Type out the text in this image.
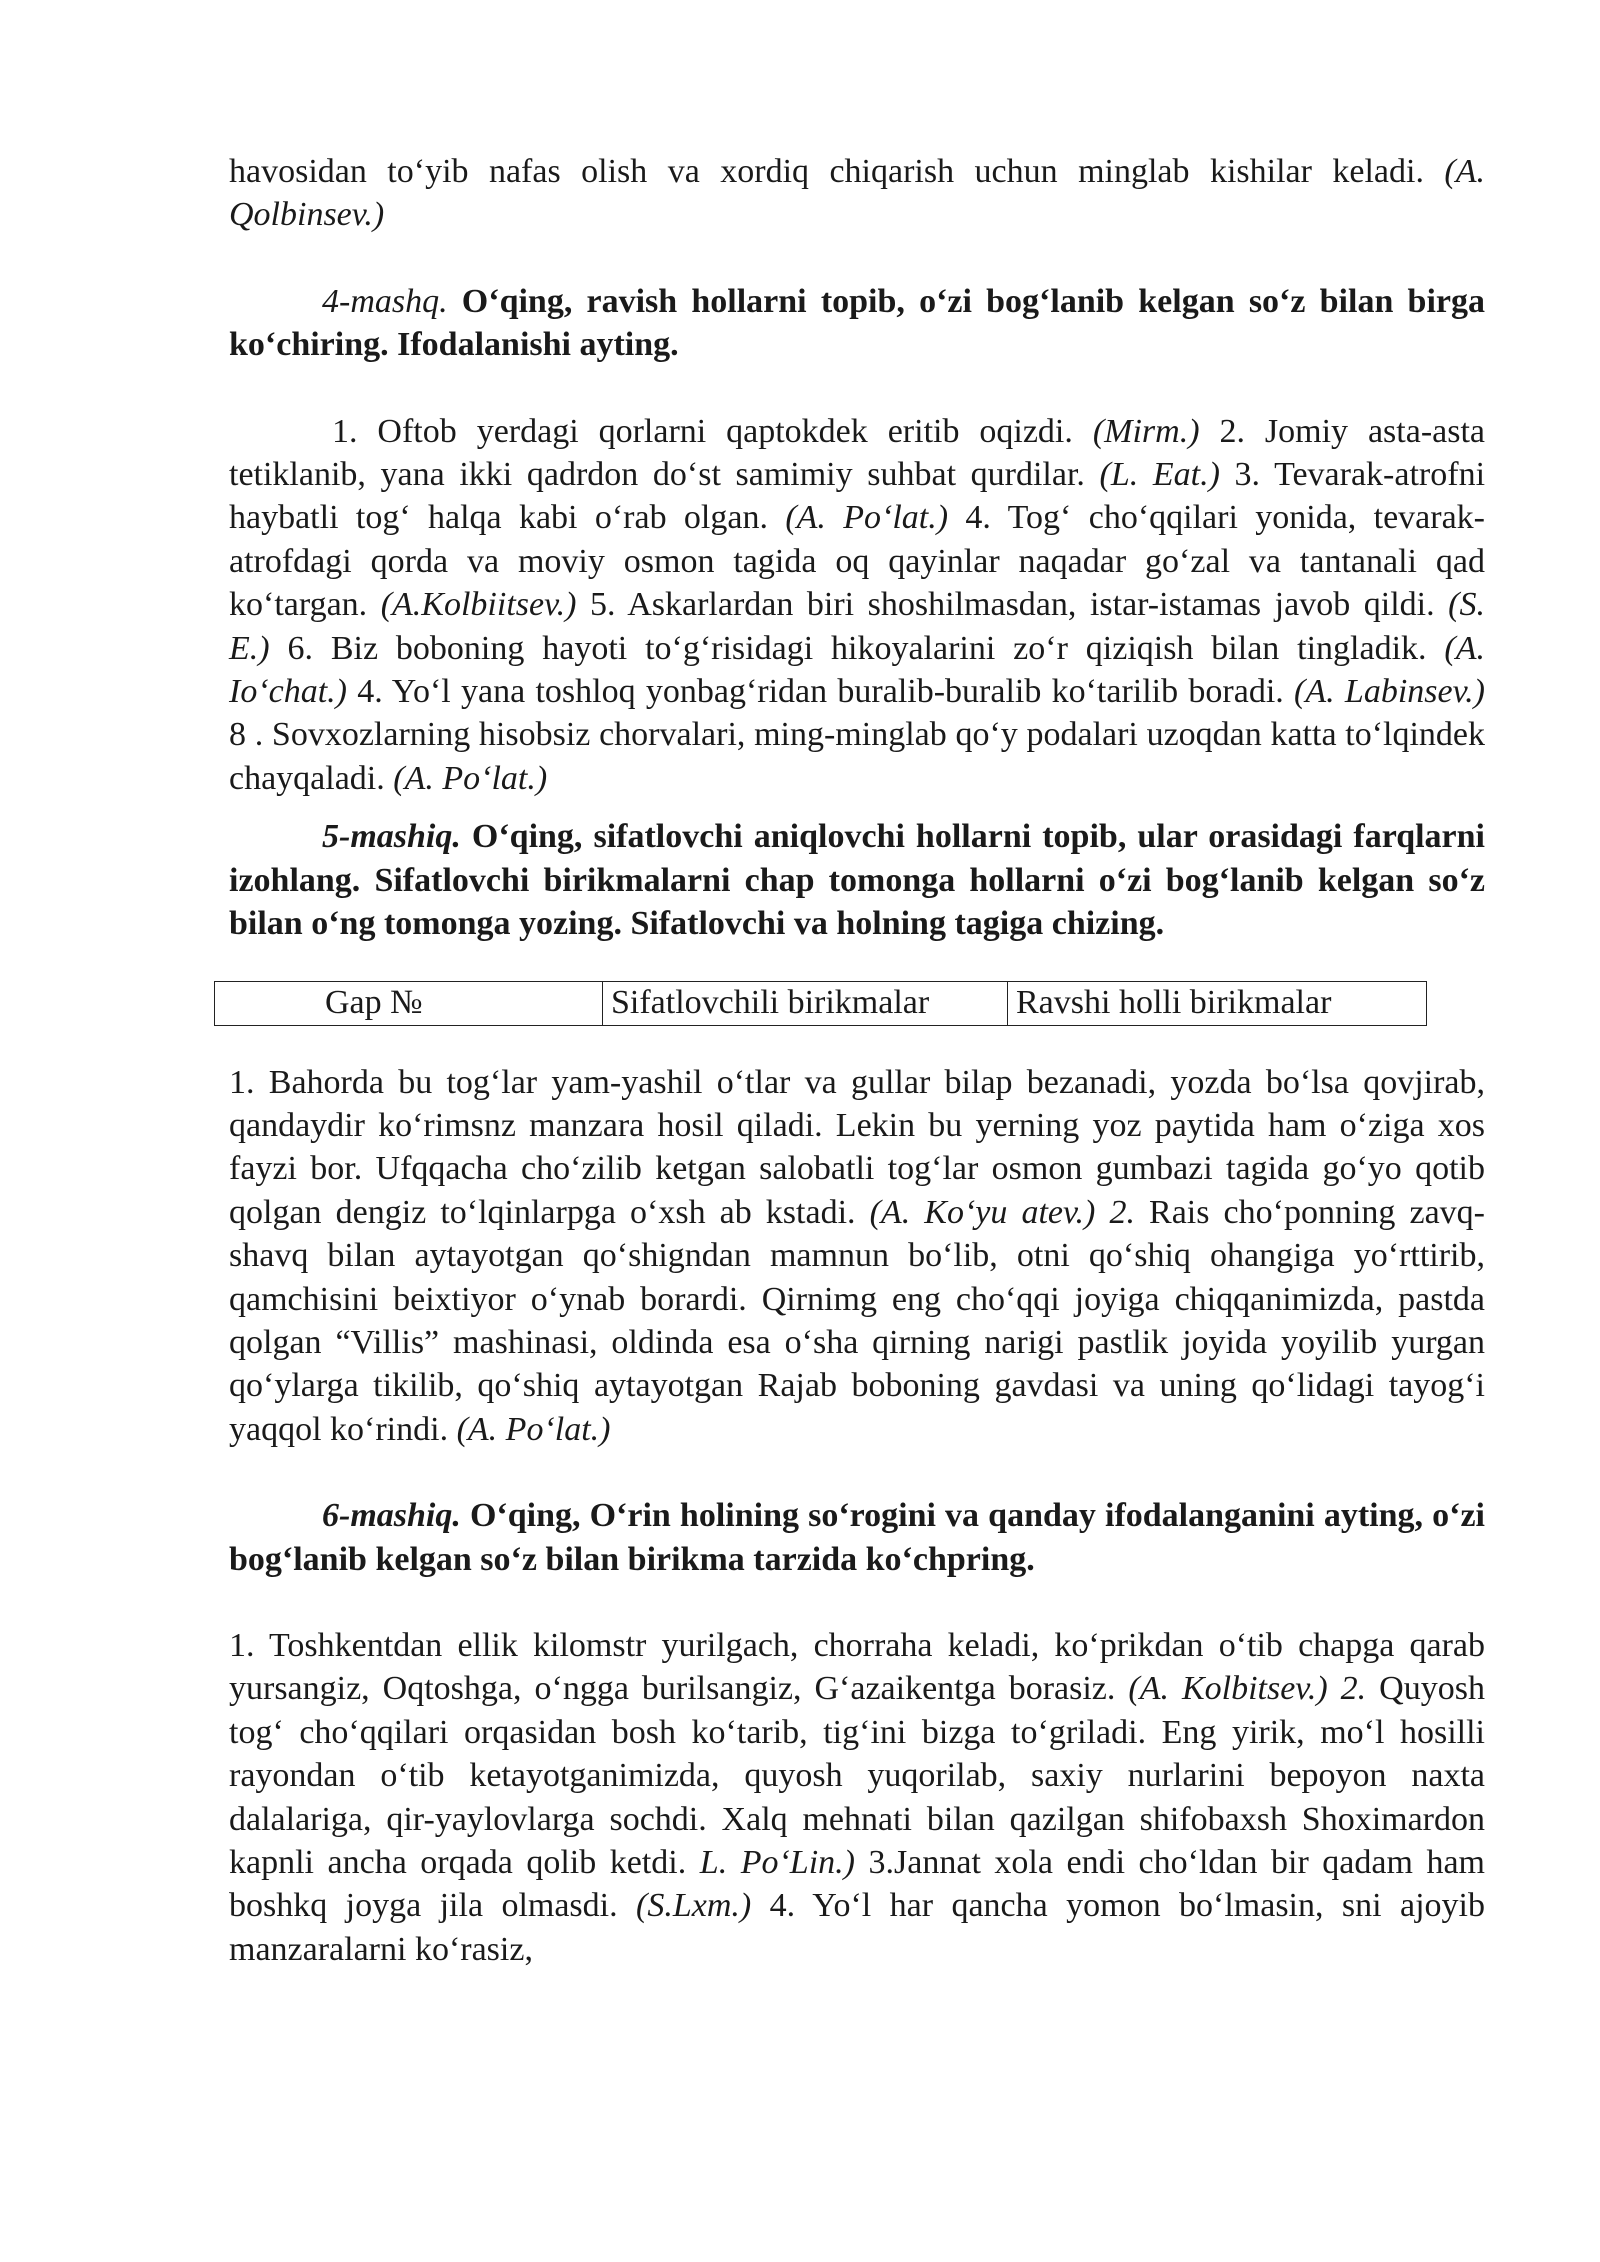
havosidan to‘yib nafas olish va xordiq chiqarish uchun minglab kishilar keladi. (A. Qolbinsev.)

4-mashq. O‘qing, ravish hollarni topib, o‘zi bog‘lanib kelgan so‘z bilan birga ko‘chiring. Ifodalanishi ayting.

1. Oftob yerdagi qorlarni qaptokdek eritib oqizdi. (Mirm.) 2. Jomiy asta-asta tetiklanib, yana ikki qadrdon do‘st samimiy suhbat qurdilar. (L. Eat.) 3. Tevarak-atrofni haybatli tog‘ halqa kabi o‘rab olgan. (A. Po‘lat.) 4. Tog‘ cho‘qqilari yonida, tevarak-atrofdagi qorda va moviy osmon tagida oq qayinlar naqadar go‘zal va tantanali qad ko‘targan. (A.Kolbiitsev.) 5. Askarlardan biri shoshilmasdan, istar-istamas javob qildi. (S. E.) 6. Biz boboning hayoti to‘g‘risidagi hikoyalarini zo‘r qiziqish bilan tingladik. (A. Io‘chat.) 4. Yo‘l yana toshloq yonbag‘ridan buralib-buralib ko‘tarilib boradi. (A. Labinsev.) 8 . Sovxozlarning hisobsiz chorvalari, ming-minglab qo‘y podalari uzoqdan katta to‘lqindek chayqaladi. (A. Po‘lat.)

5-mashiq. O‘qing, sifatlovchi aniqlovchi hollarni topib, ular orasidagi farqlarni izohlang. Sifatlovchi birikmalarni chap tomonga hollarni o‘zi bog‘lanib kelgan so‘z bilan o‘ng tomonga yozing. Sifatlovchi va holning tagiga chizing.

Gap №	Sifatlovchili birikmalar	Ravshi holli birikmalar

1. Bahorda bu tog‘lar yam-yashil o‘tlar va gullar bilap bezanadi, yozda bo‘lsa qovjirab, qandaydir ko‘rimsnz manzara hosil qiladi. Lekin bu yerning yoz paytida ham o‘ziga xos fayzi bor. Ufqqacha cho‘zilib ketgan salobatli tog‘lar osmon gumbazi tagida go‘yo qotib qolgan dengiz to‘lqinlarpga o‘xsh ab kstadi. (A. Ko‘yu atev.) 2. Rais cho‘ponning zavq-shavq bilan aytayotgan qo‘shigndan mamnun bo‘lib, otni qo‘shiq ohangiga yo‘rttirib, qamchisini beixtiyor o‘ynab borardi. Qirnimg eng cho‘qqi joyiga chiqqanimizda, pastda qolgan “Villis” mashinasi, oldinda esa o‘sha qirning narigi pastlik joyida yoyilib yurgan qo‘ylarga tikilib, qo‘shiq aytayotgan Rajab boboning gavdasi va uning qo‘lidagi tayog‘i yaqqol ko‘rindi. (A. Po‘lat.)

6-mashiq. O‘qing, O‘rin holining so‘rogini va qanday ifodalanganini ayting, o‘zi bog‘lanib kelgan so‘z bilan birikma tarzida ko‘chpring.

1. Toshkentdan ellik kilomstr yurilgach, chorraha keladi, ko‘prikdan o‘tib chapga qarab yursangiz, Oqtoshga, o‘ngga burilsangiz, G‘azaikentga borasiz. (A. Kolbitsev.) 2. Quyosh tog‘ cho‘qqilari orqasidan bosh ko‘tarib, tig‘ini bizga to‘griladi. Eng yirik, mo‘l hosilli rayondan o‘tib ketayotganimizda, quyosh yuqorilab, saxiy nurlarini bepoyon naxta dalalariga, qir-yaylovlarga sochdi. Xalq mehnati bilan qazilgan shifobaxsh Shoximardon kapnli ancha orqada qolib ketdi. L. Po‘Lin.) 3.Jannat xola endi cho‘ldan bir qadam ham boshkq joyga jila olmasdi. (S.Lxm.) 4. Yo‘l har qancha yomon bo‘lmasin, sni ajoyib manzaralarni ko‘rasiz,
